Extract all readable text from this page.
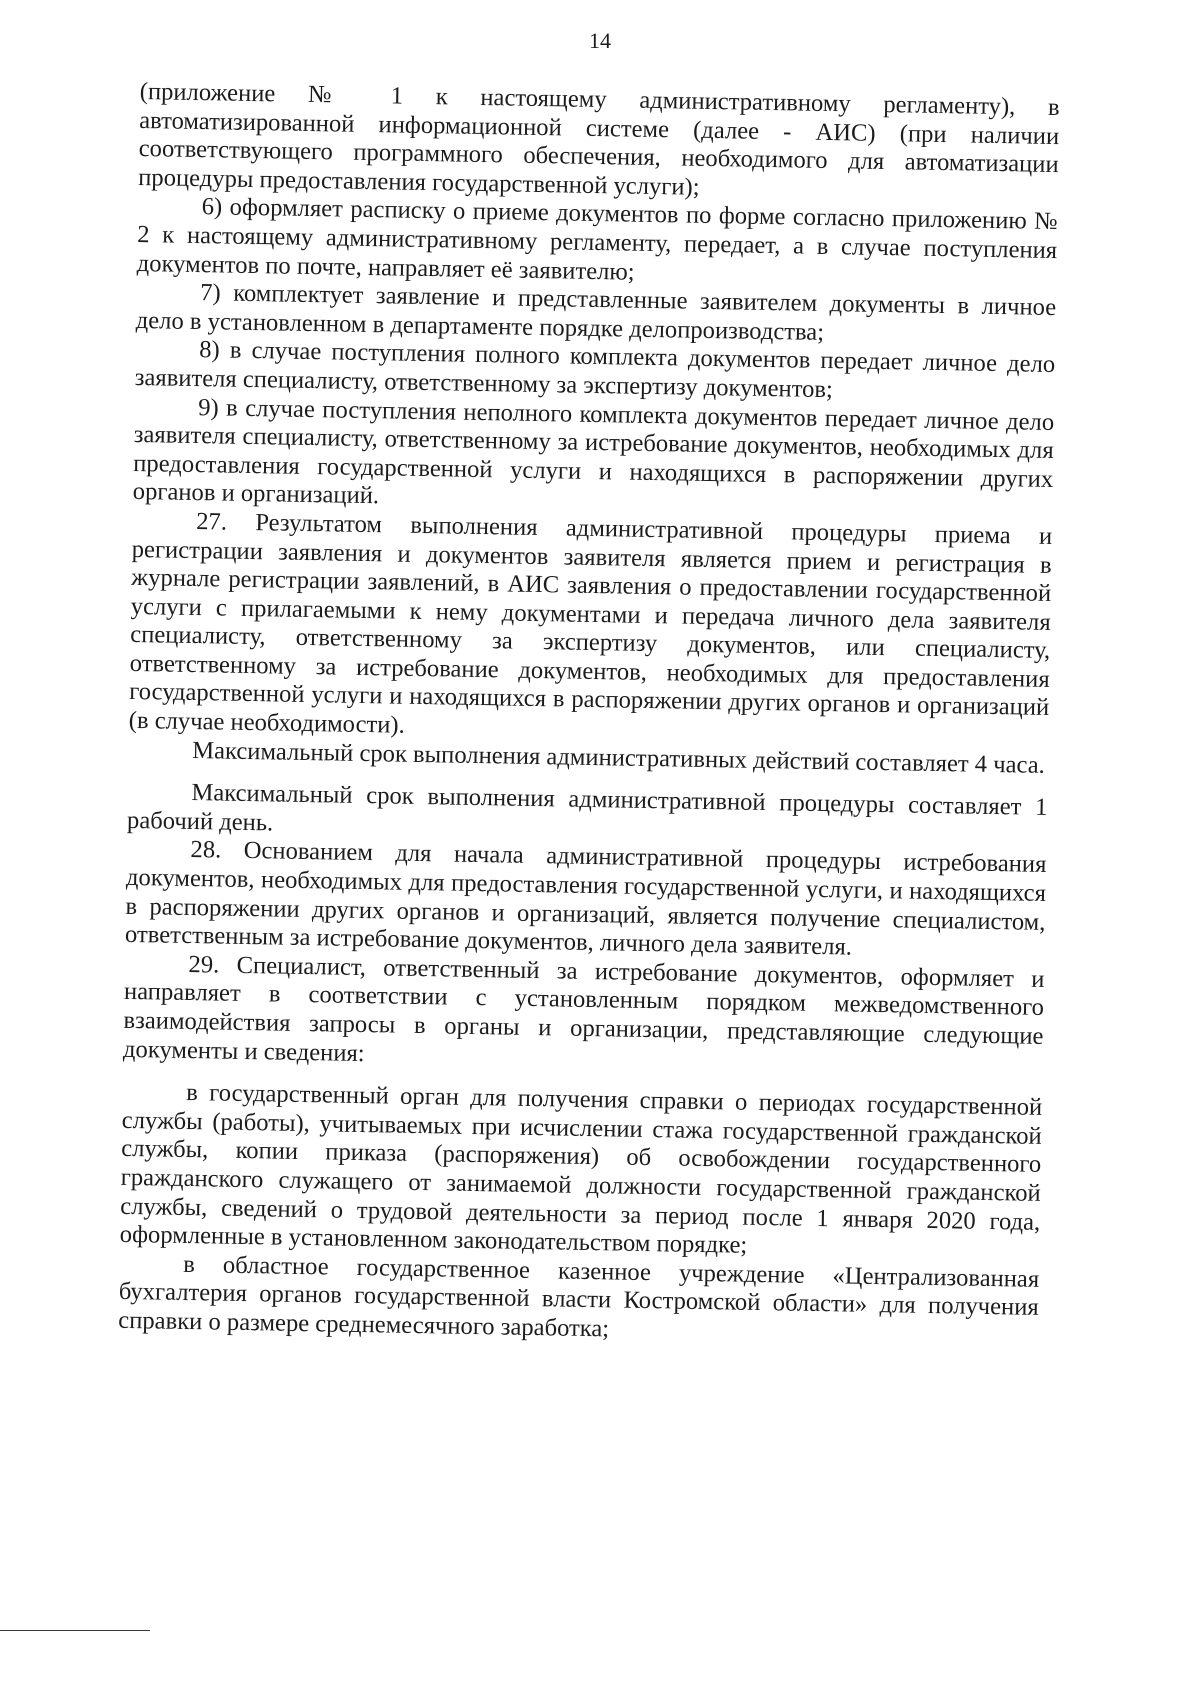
14

(приложение № 1 к настоящему административному регламенту), в автоматизированной информационной системе (далее - АИС) (при наличии соответствующего программного обеспечения, необходимого для автоматизации процедуры предоставления государственной услуги);

6) оформляет расписку о приеме документов по форме согласно приложению № 2 к настоящему административному регламенту, передает, а в случае поступления документов по почте, направляет её заявителю;

7) комплектует заявление и представленные заявителем документы в личное дело в установленном в департаменте порядке делопроизводства;

8) в случае поступления полного комплекта документов передает личное дело заявителя специалисту, ответственному за экспертизу документов;

9) в случае поступления неполного комплекта документов передает личное дело заявителя специалисту, ответственному за истребование документов, необходимых для предоставления государственной услуги и находящихся в распоряжении других органов и организаций.

27. Результатом выполнения административной процедуры приема и регистрации заявления и документов заявителя является прием и регистрация в журнале регистрации заявлений, в АИС заявления о предоставлении государственной услуги с прилагаемыми к нему документами и передача личного дела заявителя специалисту, ответственному за экспертизу документов, или специалисту, ответственному за истребование документов, необходимых для предоставления государственной услуги и находящихся в распоряжении других органов и организаций (в случае необходимости).

Максимальный срок выполнения административных действий составляет 4 часа.

Максимальный срок выполнения административной процедуры составляет 1 рабочий день.

28. Основанием для начала административной процедуры истребования документов, необходимых для предоставления государственной услуги, и находящихся в распоряжении других органов и организаций, является получение специалистом, ответственным за истребование документов, личного дела заявителя.

29. Специалист, ответственный за истребование документов, оформляет и направляет в соответствии с установленным порядком межведомственного взаимодействия запросы в органы и организации, представляющие следующие документы и сведения:

в государственный орган для получения справки о периодах государственной службы (работы), учитываемых при исчислении стажа государственной гражданской службы, копии приказа (распоряжения) об освобождении государственного гражданского служащего от занимаемой должности государственной гражданской службы, сведений о трудовой деятельности за период после 1 января 2020 года, оформленные в установленном законодательством порядке;

в областное государственное казенное учреждение «Централизованная бухгалтерия органов государственной власти Костромской области» для получения справки о размере среднемесячного заработка;
